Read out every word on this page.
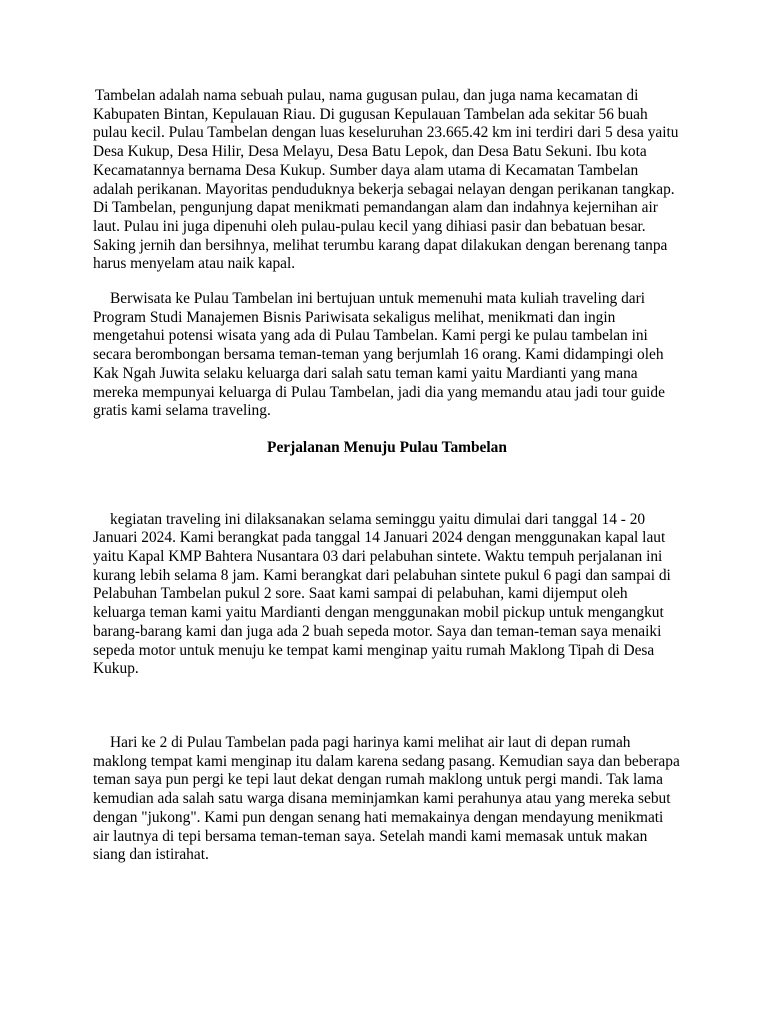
Tambelan adalah nama sebuah pulau, nama gugusan pulau, dan juga nama kecamatan di Kabupaten Bintan, Kepulauan Riau. Di gugusan Kepulauan Tambelan ada sekitar 56 buah pulau kecil. Pulau Tambelan dengan luas keseluruhan 23.665.42 km ini terdiri dari 5 desa yaitu Desa Kukup, Desa Hilir, Desa Melayu, Desa Batu Lepok, dan Desa Batu Sekuni. Ibu kota Kecamatannya bernama Desa Kukup. Sumber daya alam utama di Kecamatan Tambelan adalah perikanan. Mayoritas penduduknya bekerja sebagai nelayan dengan perikanan tangkap. Di Tambelan, pengunjung dapat menikmati pemandangan alam dan indahnya kejernihan air laut. Pulau ini juga dipenuhi oleh pulau-pulau kecil yang dihiasi pasir dan bebatuan besar. Saking jernih dan bersihnya, melihat terumbu karang dapat dilakukan dengan berenang tanpa harus menyelam atau naik kapal.

Berwisata ke Pulau Tambelan ini bertujuan untuk memenuhi mata kuliah traveling dari Program Studi Manajemen Bisnis Pariwisata sekaligus melihat, menikmati dan ingin mengetahui potensi wisata yang ada di Pulau Tambelan. Kami pergi ke pulau tambelan ini secara berombongan bersama teman-teman yang berjumlah 16 orang. Kami didampingi oleh Kak Ngah Juwita selaku keluarga dari salah satu teman kami yaitu Mardianti yang mana mereka mempunyai keluarga di Pulau Tambelan, jadi dia yang memandu atau jadi tour guide gratis kami selama traveling.

Perjalanan Menuju Pulau Tambelan

kegiatan traveling ini dilaksanakan selama seminggu yaitu dimulai dari tanggal 14 - 20 Januari 2024. Kami berangkat pada tanggal 14 Januari 2024 dengan menggunakan kapal laut yaitu Kapal KMP Bahtera Nusantara 03 dari pelabuhan sintete. Waktu tempuh perjalanan ini kurang lebih selama 8 jam. Kami berangkat dari pelabuhan sintete pukul 6 pagi dan sampai di Pelabuhan Tambelan pukul 2 sore. Saat kami sampai di pelabuhan, kami dijemput oleh keluarga teman kami yaitu Mardianti dengan menggunakan mobil pickup untuk mengangkut barang-barang kami dan juga ada 2 buah sepeda motor. Saya dan teman-teman saya menaiki sepeda motor untuk menuju ke tempat kami menginap yaitu rumah Maklong Tipah di Desa Kukup.

Hari ke 2 di Pulau Tambelan pada pagi harinya kami melihat air laut di depan rumah maklong tempat kami menginap itu dalam karena sedang pasang. Kemudian saya dan beberapa teman saya pun pergi ke tepi laut dekat dengan rumah maklong untuk pergi mandi. Tak lama kemudian ada salah satu warga disana meminjamkan kami perahunya atau yang mereka sebut dengan "jukong". Kami pun dengan senang hati memakainya dengan mendayung menikmati air lautnya di tepi bersama teman-teman saya. Setelah mandi kami memasak untuk makan siang dan istirahat.
